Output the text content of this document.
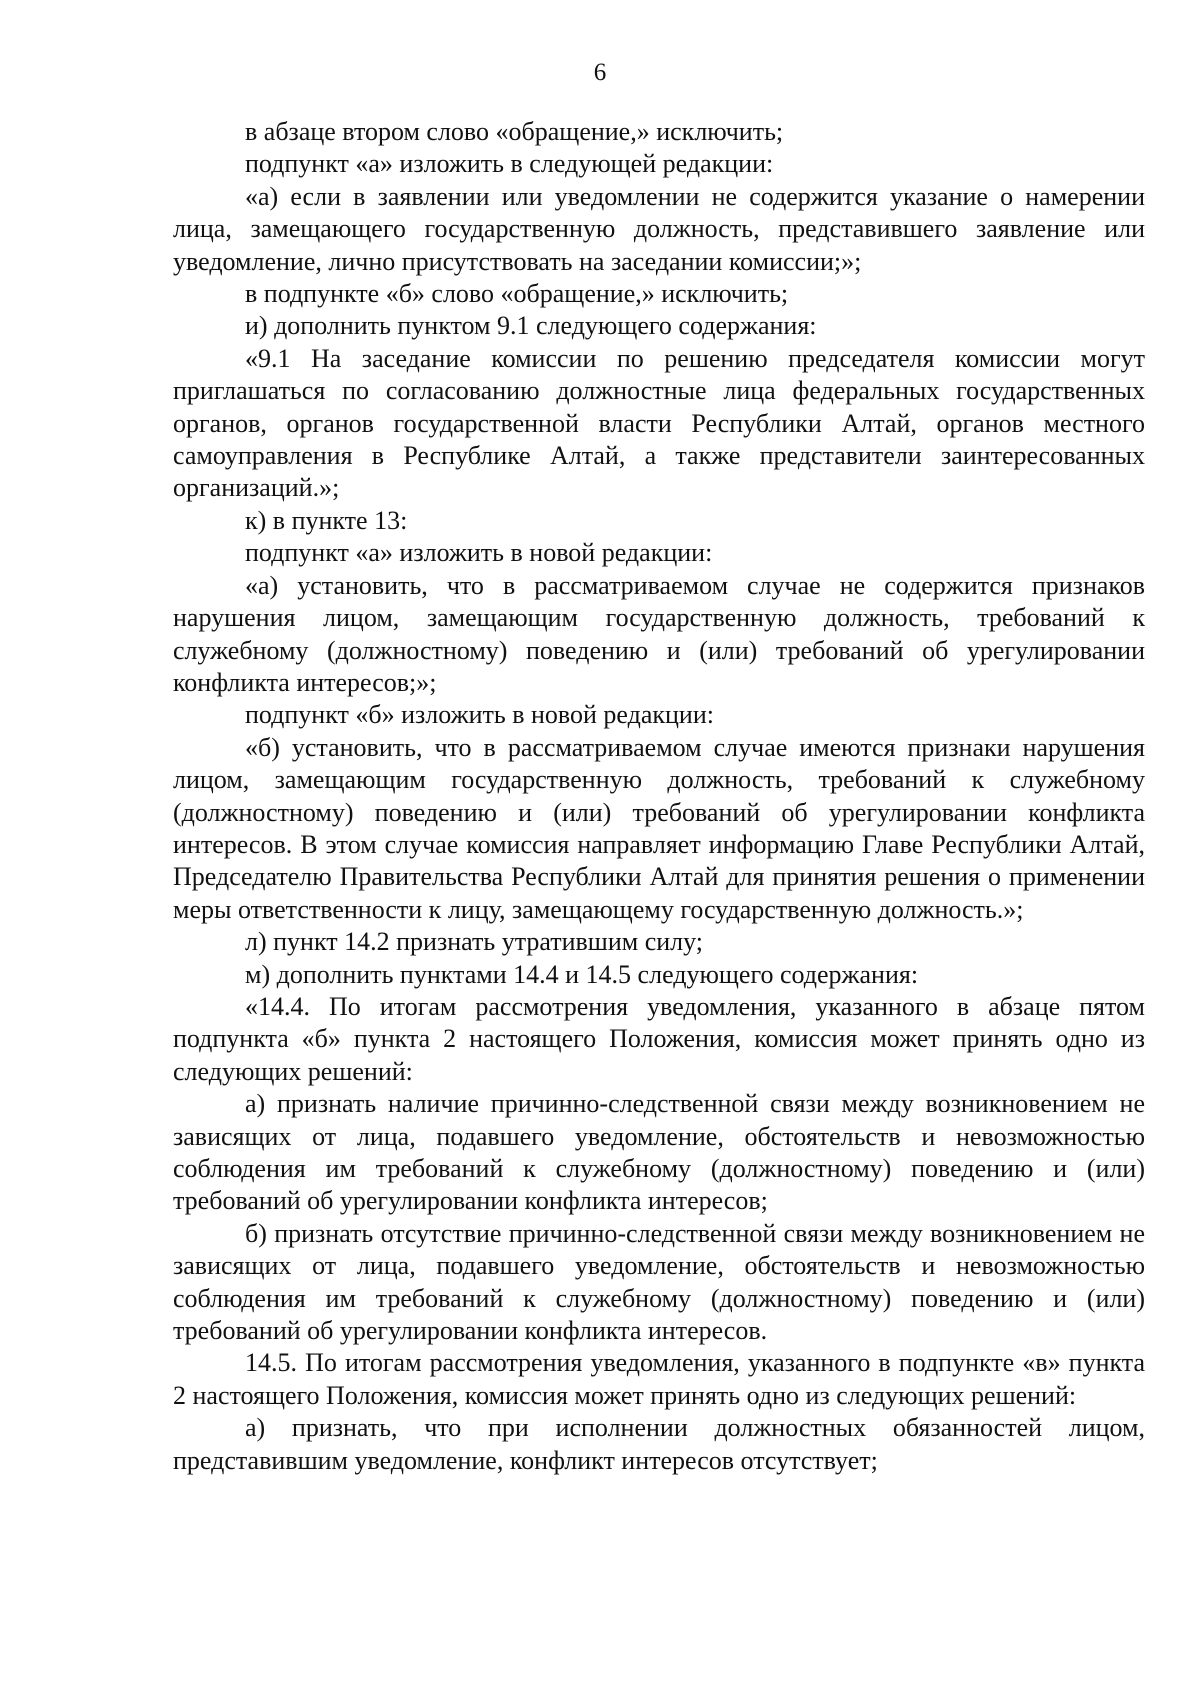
6

в абзаце втором слово «обращение,» исключить;

подпункт «а» изложить в следующей редакции:

«а) если в заявлении или уведомлении не содержится указание о намерении лица, замещающего государственную должность, представившего заявление или уведомление, лично присутствовать на заседании комиссии;»;

в подпункте «б» слово «обращение,» исключить;

и) дополнить пунктом 9.1 следующего содержания:

«9.1 На заседание комиссии по решению председателя комиссии могут приглашаться по согласованию должностные лица федеральных государственных органов, органов государственной власти Республики Алтай, органов местного самоуправления в Республике Алтай, а также представители заинтересованных организаций.»;

к) в пункте 13:

подпункт «а» изложить в новой редакции:

«а) установить, что в рассматриваемом случае не содержится признаков нарушения лицом, замещающим государственную должность, требований к служебному (должностному) поведению и (или) требований об урегулировании конфликта интересов;»;

подпункт «б» изложить в новой редакции:

«б) установить, что в рассматриваемом случае имеются признаки нарушения лицом, замещающим государственную должность, требований к служебному (должностному) поведению и (или) требований об урегулировании конфликта интересов. В этом случае комиссия направляет информацию Главе Республики Алтай, Председателю Правительства Республики Алтай для принятия решения о применении меры ответственности к лицу, замещающему государственную должность.»;

л) пункт 14.2 признать утратившим силу;

м) дополнить пунктами 14.4 и 14.5 следующего содержания:

«14.4. По итогам рассмотрения уведомления, указанного в абзаце пятом подпункта «б» пункта 2 настоящего Положения, комиссия может принять одно из следующих решений:

а) признать наличие причинно-следственной связи между возникновением не зависящих от лица, подавшего уведомление, обстоятельств и невозможностью соблюдения им требований к служебному (должностному) поведению и (или) требований об урегулировании конфликта интересов;

б) признать отсутствие причинно-следственной связи между возникновением не зависящих от лица, подавшего уведомление, обстоятельств и невозможностью соблюдения им требований к служебному (должностному) поведению и (или) требований об урегулировании конфликта интересов.

14.5. По итогам рассмотрения уведомления, указанного в подпункте «в» пункта 2 настоящего Положения, комиссия может принять одно из следующих решений:

а) признать, что при исполнении должностных обязанностей лицом, представившим уведомление, конфликт интересов отсутствует;
